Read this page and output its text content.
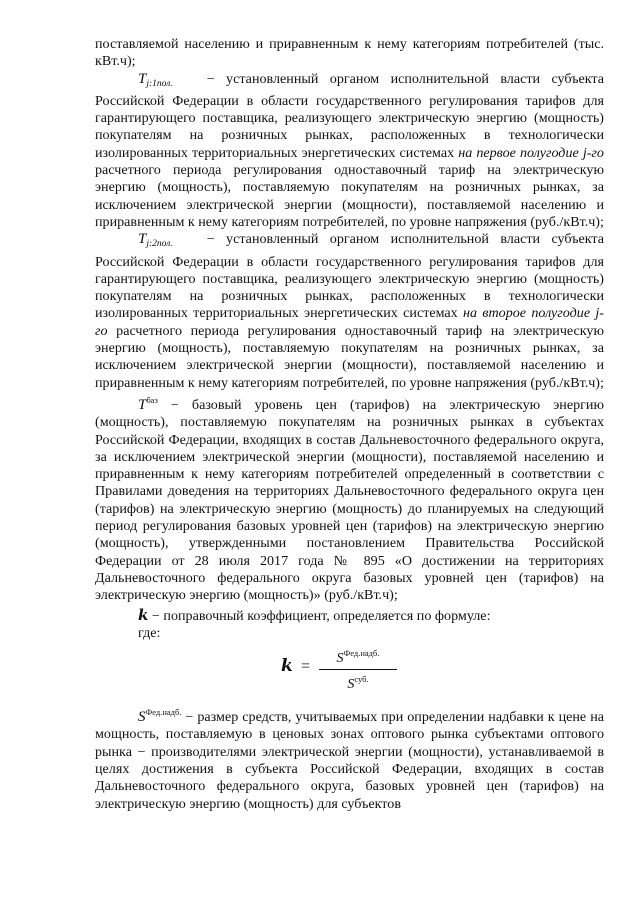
поставляемой населению и приравненным к нему категориям потребителей (тыс. кВт.ч);

$T_{j:1пол.}$ − установленный органом исполнительной власти субъекта Российской Федерации в области государственного регулирования тарифов для гарантирующего поставщика, реализующего электрическую энергию (мощность) покупателям на розничных рынках, расположенных в технологически изолированных территориальных энергетических системах на первое полугодие j-го расчетного периода регулирования одноставочный тариф на электрическую энергию (мощность), поставляемую покупателям на розничных рынках, за исключением электрической энергии (мощности), поставляемой населению и приравненным к нему категориям потребителей, по уровне напряжения (руб./кВт.ч);

$T_{j:2пол.}$ − установленный органом исполнительной власти субъекта Российской Федерации в области государственного регулирования тарифов для гарантирующего поставщика, реализующего электрическую энергию (мощность) покупателям на розничных рынках, расположенных в технологически изолированных территориальных энергетических системах на второе полугодие j-го расчетного периода регулирования одноставочный тариф на электрическую энергию (мощность), поставляемую покупателям на розничных рынках, за исключением электрической энергии (мощности), поставляемой населению и приравненным к нему категориям потребителей, по уровне напряжения (руб./кВт.ч);

$T^{баз}$ − базовый уровень цен (тарифов) на электрическую энергию (мощность), поставляемую покупателям на розничных рынках в субъектах Российской Федерации, входящих в состав Дальневосточного федерального округа, за исключением электрической энергии (мощности), поставляемой населению и приравненным к нему категориям потребителей определенный в соответствии с Правилами доведения на территориях Дальневосточного федерального округа цен (тарифов) на электрическую энергию (мощность) до планируемых на следующий период регулирования базовых уровней цен (тарифов) на электрическую энергию (мощность), утвержденными постановлением Правительства Российской Федерации от 28 июля 2017 года № 895 «О достижении на территориях Дальневосточного федерального округа базовых уровней цен (тарифов) на электрическую энергию (мощность)» (руб./кВт.ч);

k − поправочный коэффициент, определяется по формуле:

где:

k =	$S^{Фед.надб.}$
$S^{суб.}$

$S^{Фед.надб.}$ − размер средств, учитываемых при определении надбавки к цене на мощность, поставляемую в ценовых зонах оптового рынка субъектами оптового рынка − производителями электрической энергии (мощности), устанавливаемой в целях достижения в субъекта Российской Федерации, входящих в состав Дальневосточного федерального округа, базовых уровней цен (тарифов) на электрическую энергию (мощность) для субъектов
